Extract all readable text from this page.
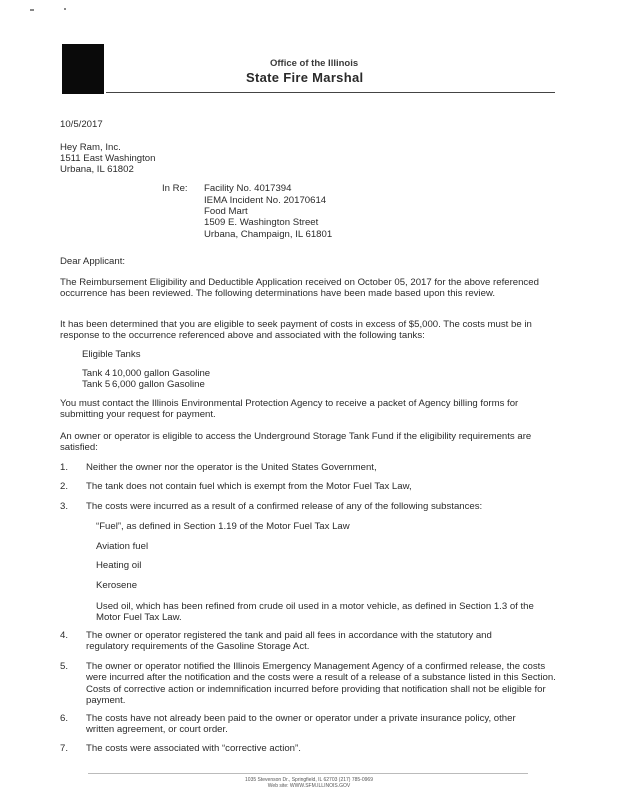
Office of the Illinois
State Fire Marshal
10/5/2017
Hey Ram, Inc.
1511 East Washington
Urbana, IL 61802
In Re: Facility No. 4017394
IEMA Incident No. 20170614
Food Mart
1509 E. Washington Street
Urbana, Champaign, IL 61801
Dear Applicant:
The Reimbursement Eligibility and Deductible Application received on October 05, 2017 for the above referenced occurrence has been reviewed. The following determinations have been made based upon this review.
It has been determined that you are eligible to seek payment of costs in excess of $5,000. The costs must be in response to the occurrence referenced above and associated with the following tanks:
Eligible Tanks
Tank 4 10,000 gallon Gasoline
Tank 5 6,000 gallon Gasoline
You must contact the Illinois Environmental Protection Agency to receive a packet of Agency billing forms for submitting your request for payment.
An owner or operator is eligible to access the Underground Storage Tank Fund if the eligibility requirements are satisfied:
1. Neither the owner nor the operator is the United States Government,
2. The tank does not contain fuel which is exempt from the Motor Fuel Tax Law,
3. The costs were incurred as a result of a confirmed release of any of the following substances:
“Fuel”, as defined in Section 1.19 of the Motor Fuel Tax Law
Aviation fuel
Heating oil
Kerosene
Used oil, which has been refined from crude oil used in a motor vehicle, as defined in Section 1.3 of the Motor Fuel Tax Law.
4. The owner or operator registered the tank and paid all fees in accordance with the statutory and regulatory requirements of the Gasoline Storage Act.
5. The owner or operator notified the Illinois Emergency Management Agency of a confirmed release, the costs were incurred after the notification and the costs were a result of a release of a substance listed in this Section. Costs of corrective action or indemnification incurred before providing that notification shall not be eligible for payment.
6. The costs have not already been paid to the owner or operator under a private insurance policy, other written agreement, or court order.
7. The costs were associated with “corrective action”.
1035 Stevenson Dr., Springfield, IL 62703 (217) 785-0969
Web site: WWW.SFM.ILLINOIS.GOV
